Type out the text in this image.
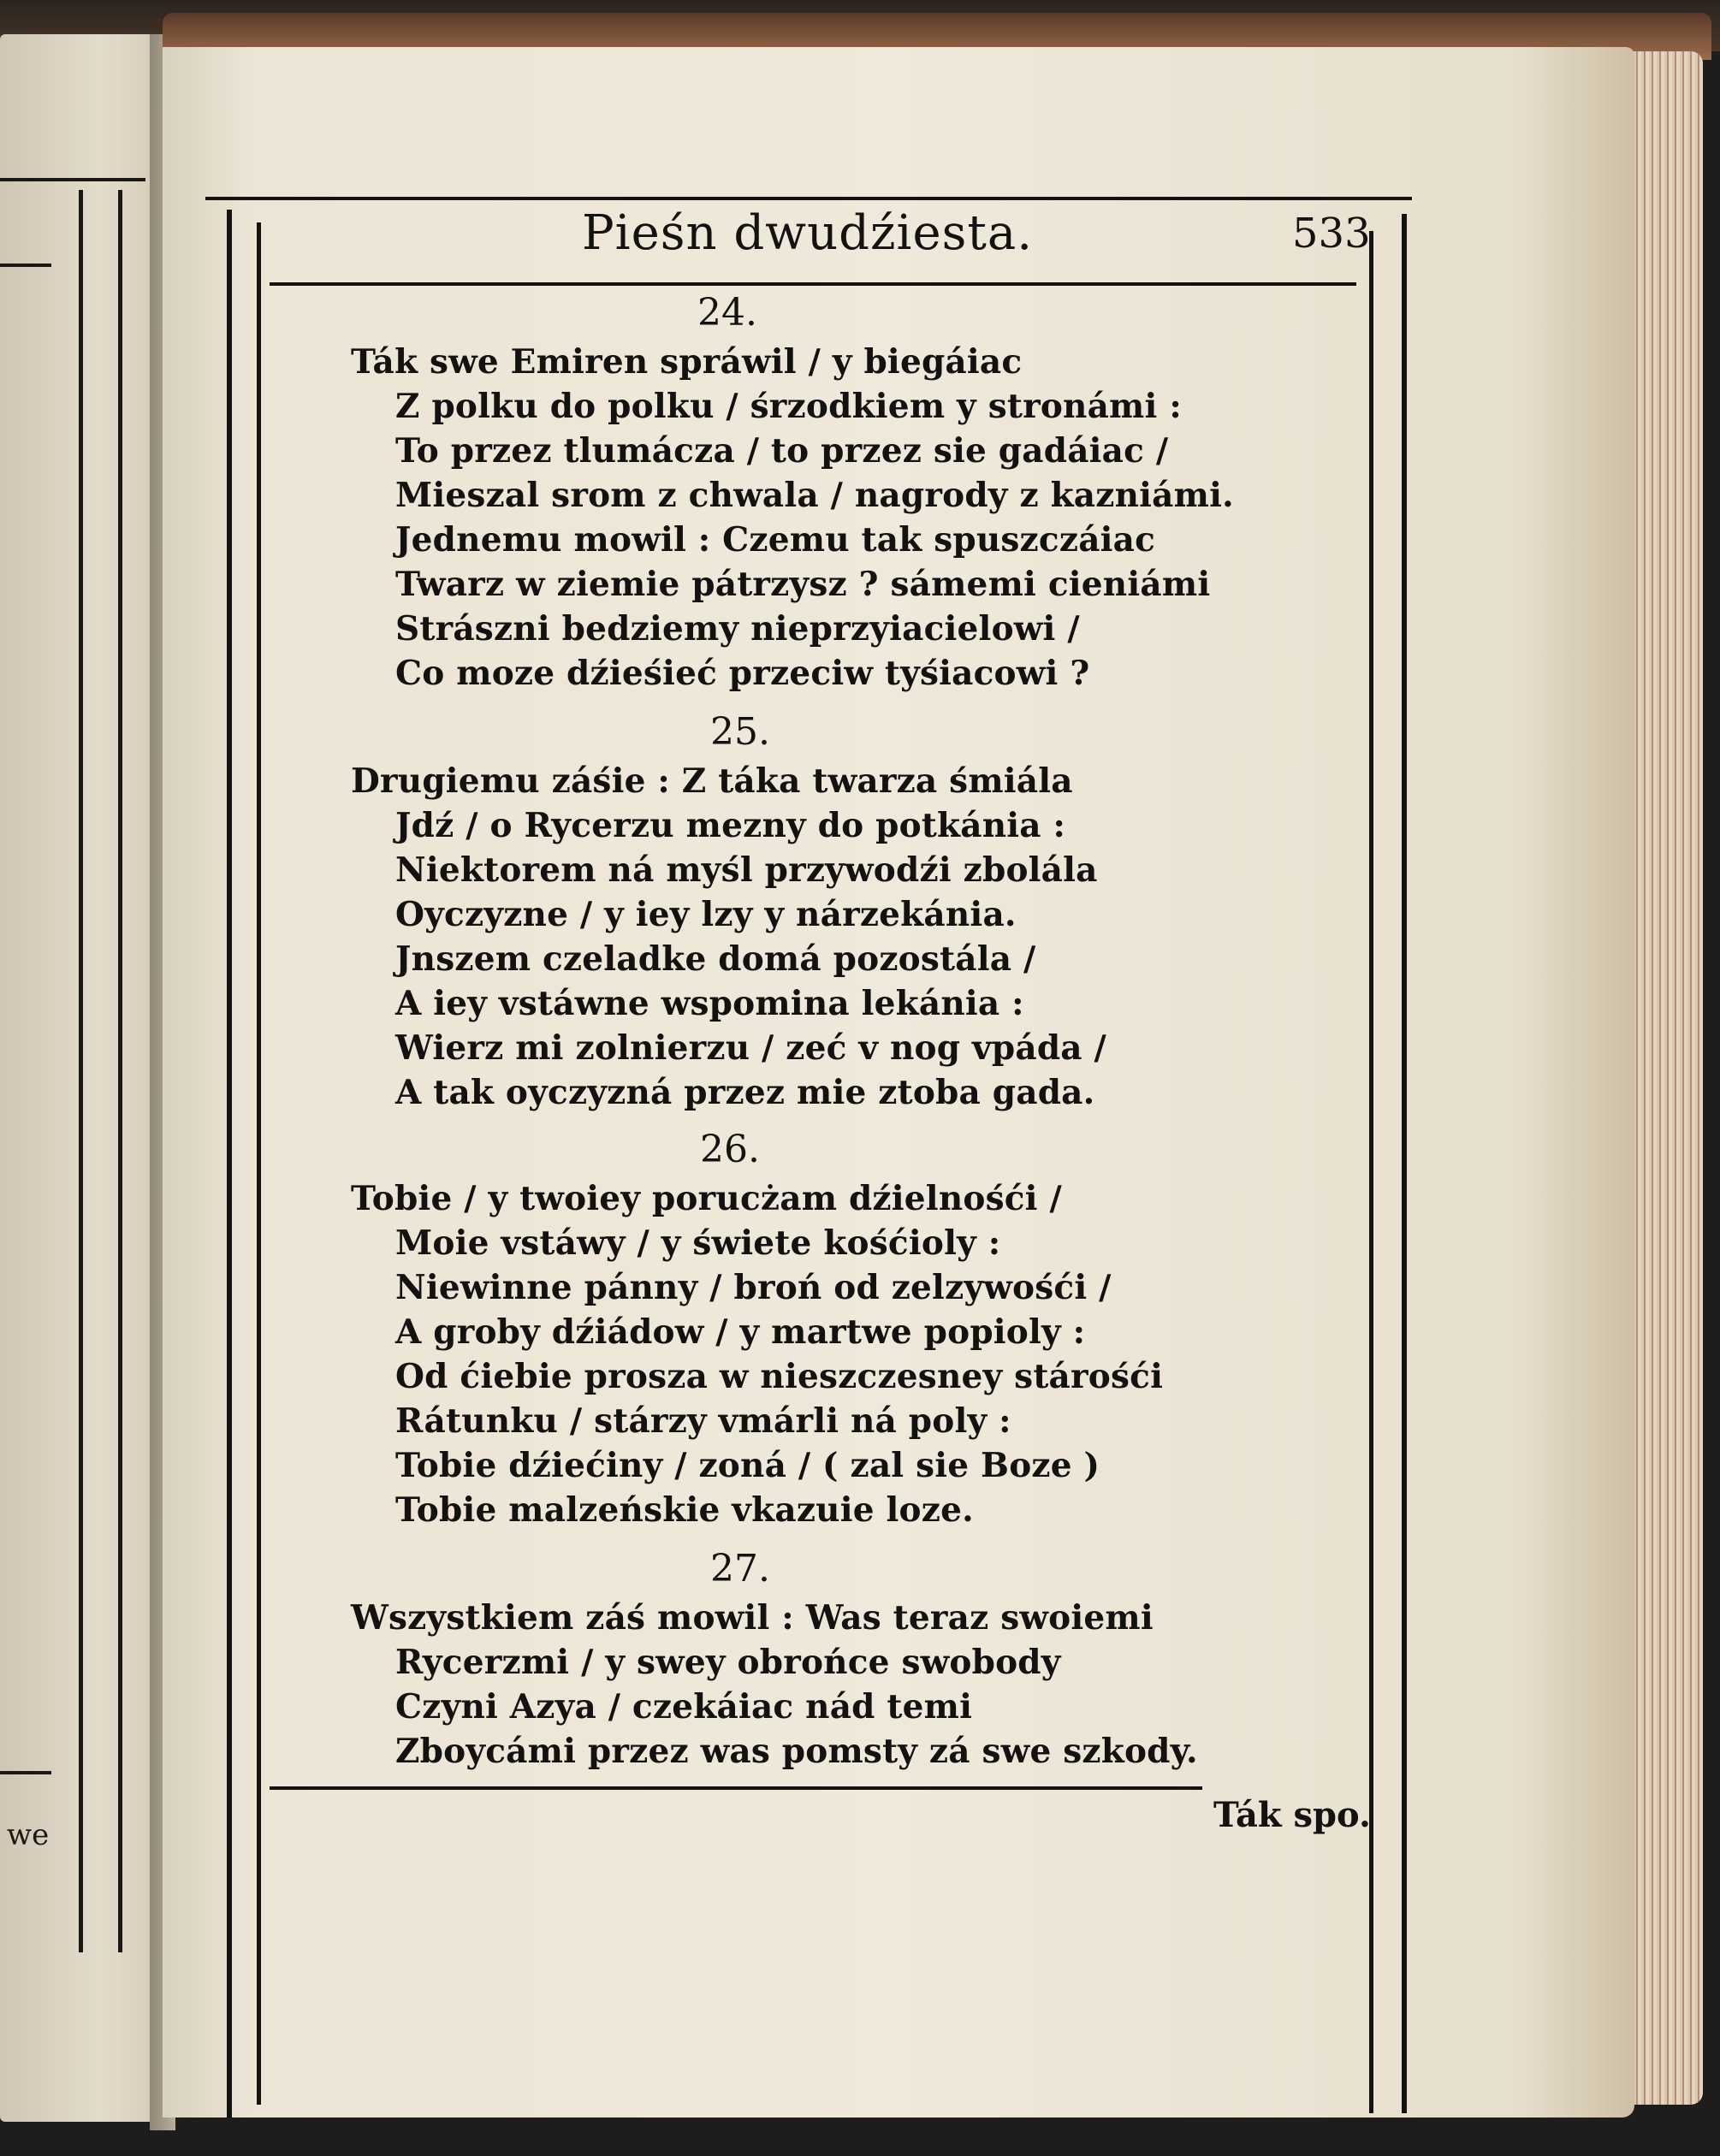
we
Pieśn dwudźiesta.	533
24.
Ták swe Emiren spráwil / y biegáiac
Z polku do polku / śrzodkiem y stronámi :
To przez tlumácza / to przez sie gadáiac /
Mieszal srom z chwala / nagrody z kazniámi.
Jednemu mowil : Czemu tak spuszczáiac
Twarz w ziemie pátrzysz ? sámemi cieniámi
Strászni bedziemy nieprzyiacielowi /
Co moze dźieśieć przeciw tyśiacowi ?
25.
Drugiemu záśie : Z táka twarza śmiála
Jdź / o Rycerzu mezny do potkánia :
Niektorem ná myśl przywodźi zbolála
Oyczyzne / y iey lzy y nárzekánia.
Jnszem czeladke domá pozostála /
A iey vstáwne wspomina lekánia :
Wierz mi zolnierzu / zeć v nog vpáda /
A tak oyczyzná przez mie ztoba gada.
26.
Tobie / y twoiey porucżam dźielnośći /
Moie vstáwy / y świete kośćioly :
Niewinne pánny / broń od zelzywośći /
A groby dźiádow / y martwe popioly :
Od ćiebie prosza w nieszczesney stárośći
Rátunku / stárzy vmárli ná poly :
Tobie dźiećiny / zoná / ( zal sie Boze )
Tobie malzeńskie vkazuie loze.
27.
Wszystkiem záś mowil : Was teraz swoiemi
Rycerzmi / y swey obrońce swobody
Czyni Azya / czekáiac nád temi
Zboycámi przez was pomsty zá swe szkody.
Ták spo.
